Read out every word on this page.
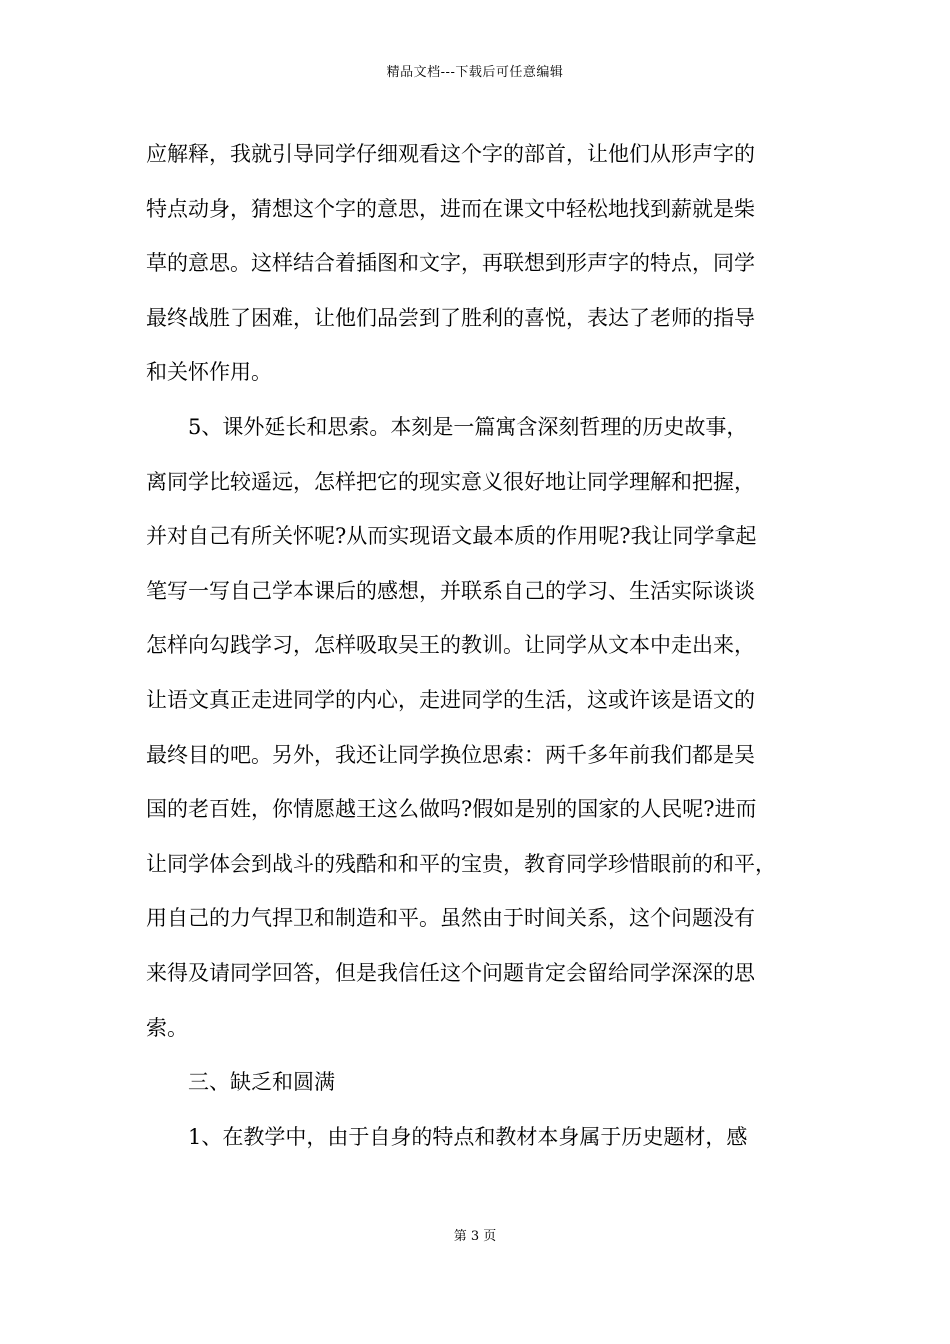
精品文档---下载后可任意编辑

应解释，我就引导同学仔细观看这个字的部首，让他们从形声字的

特点动身，猜想这个字的意思，进而在课文中轻松地找到薪就是柴

草的意思。这样结合着插图和文字，再联想到形声字的特点，同学

最终战胜了困难，让他们品尝到了胜利的喜悦，表达了老师的指导

和关怀作用。

　　5、课外延长和思索。本刻是一篇寓含深刻哲理的历史故事，

离同学比较遥远，怎样把它的现实意义很好地让同学理解和把握，

并对自己有所关怀呢?从而实现语文最本质的作用呢?我让同学拿起

笔写一写自己学本课后的感想，并联系自己的学习、生活实际谈谈

怎样向勾践学习，怎样吸取吴王的教训。让同学从文本中走出来，

让语文真正走进同学的内心，走进同学的生活，这或许该是语文的

最终目的吧。另外，我还让同学换位思索：两千多年前我们都是吴

国的老百姓，你情愿越王这么做吗?假如是别的国家的人民呢?进而

让同学体会到战斗的残酷和和平的宝贵，教育同学珍惜眼前的和平，

用自己的力气捍卫和制造和平。虽然由于时间关系，这个问题没有

来得及请同学回答，但是我信任这个问题肯定会留给同学深深的思

索。

　　三、缺乏和圆满

　　1、在教学中，由于自身的特点和教材本身属于历史题材，感

第 3 页
